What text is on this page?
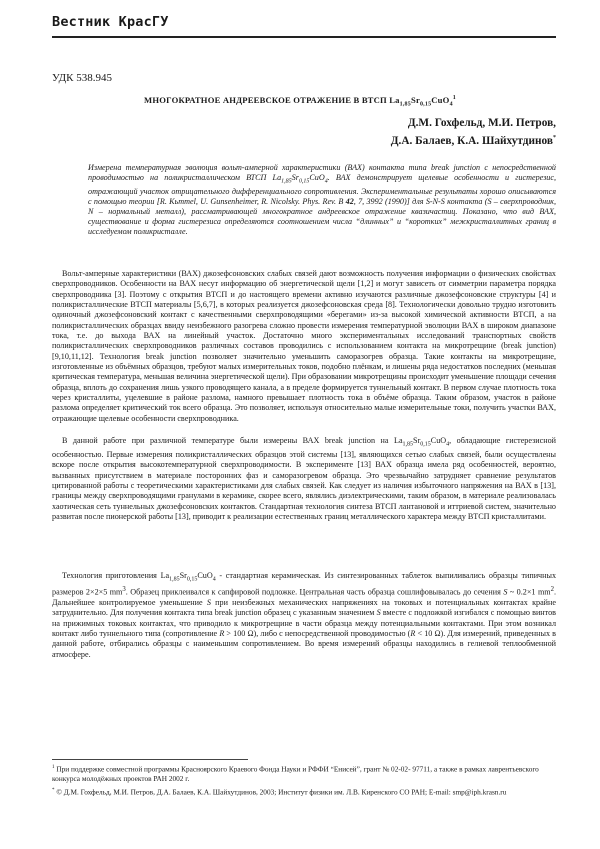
Вестник КрасГУ
УДК 538.945
МНОГОКРАТНОЕ АНДРЕЕВСКОЕ ОТРАЖЕНИЕ В ВТСП $La_{1,85}Sr_{0,15}CuO_4^1$
Д.М. Гохфельд, М.И. Петров,
Д.А. Балаев, К.А. Шайхутдинов*
Измерена температурная эволюция вольт-амперной характеристики (ВАХ) контакта типа break junction с непосредственной проводимостью на поликристаллическом ВТСП $La_{1,85}Sr_{0,15}CuO_4$. ВАХ демонстрирует щелевые особенности и гистерезис, отражающий участок отрицательного дифференциального сопротивления. Экспериментальные результаты хорошо описываются с помощью теории [R. Kьmmel, U. Gunsenheimer, R. Nicolsky. Phys. Rev. B 42, 7, 3992 (1990)] для S-N-S контакта (S – сверхпроводник, N – нормальный металл), рассматривающей многократное андреевское отражение квазичастиц. Показано, что вид ВАХ, существование и форма гистерезиса определяются соотношением числа “длинных” и “коротких” межкристаллитных границ в исследуемом поликристалле.
Вольт-амперные характеристики (ВАХ) джозефсоновских слабых связей дают возможность получения информации о физических свойствах сверхпроводников. Особенности на ВАХ несут информацию об энергетической щели [1,2] и могут зависеть от симметрии параметра порядка сверхпроводника [3]. Поэтому с открытия ВТСП и до настоящего времени активно изучаются различные джозефсоновские структуры [4] и поликристаллические ВТСП материалы [5,6,7], в которых реализуется джозефсоновская среда [8]. Технологически довольно трудно изготовить одиночный джозефсоновский контакт с качественными сверхпроводящими «берегами» из-за высокой химической активности ВТСП, а на поликристаллических образцах ввиду неизбежного разогрева сложно провести измерения температурной эволюции ВАХ в широком диапазоне тока, т.е. до выхода ВАХ на линейный участок. Достаточно много экспериментальных исследований транспортных свойств поликристаллических сверхпроводников различных составов проводились с использованием контакта на микротрещине (break junction) [9,10,11,12]. Технология break junction позволяет значительно уменьшить саморазогрев образца. Такие контакты на микротрещине, изготовленные из объёмных образцов, требуют малых измерительных токов, подобно плёнкам, и лишены ряда недостатков последних (меньшая критическая температура, меньшая величина энергетической щели). При образовании микротрещины происходит уменьшение площади сечения образца, вплоть до сохранения лишь узкого проводящего канала, а в пределе формируется туннельный контакт. В первом случае плотность тока через кристаллиты, уцелевшие в районе разлома, намного превышает плотность тока в объёме образца. Таким образом, участок в районе разлома определяет критический ток всего образца. Это позволяет, используя относительно малые измерительные токи, получить участки ВАХ, отражающие щелевые особенности сверхпроводника.
В данной работе при различной температуре были измерены ВАХ break junction на $La_{1,85}Sr_{0,15}CuO_4$, обладающие гистерезисной особенностью. Первые измерения поликристаллических образцов этой системы [13], являющихся сетью слабых связей, были осуществлены вскоре после открытия высокотемпературной сверхпроводимости. В эксперименте [13] ВАХ образца имела ряд особенностей, вероятно, вызванных присутствием в материале посторонних фаз и саморазогревом образца. Это чрезвычайно затрудняет сравнение результатов цитированной работы с теоретическими характеристиками для слабых связей. Как следует из наличия избыточного напряжения на ВАХ в [13], границы между сверхпроводящими гранулами в керамике, скорее всего, являлись диэлектрическими, таким образом, в материале реализовалась хаотическая сеть туннельных джозефсоновских контактов. Стандартная технология синтеза ВТСП лантановой и иттриевой систем, значительно развитая после пионерской работы [13], приводит к реализации естественных границ металлического характера между ВТСП кристаллитами.
Технология приготовления $La_{1,85}Sr_{0,15}CuO_4$ - стандартная керамическая. Из синтезированных таблеток выпиливались образцы типичных размеров 2×2×5 $mm^3$. Образец приклеивался к сапфировой подложке. Центральная часть образца сошлифовывалась до сечения S ~ 0.2×1 $mm^2$. Дальнейшее контролируемое уменьшение S при неизбежных механических напряжениях на токовых и потенциальных контактах крайне затруднительно. Для получения контакта типа break junction образец с указанным значением S вместе с подложкой изгибался с помощью винтов на прижимных токовых контактах, что приводило к микротрещине в части образца между потенциальными контактами. При этом возникал контакт либо туннельного типа (сопротивление R > 100 Ω), либо с непосредственной проводимостью (R < 10 Ω). Для измерений, приведенных в данной работе, отбирались образцы с наименьшим сопротивлением. Во время измерений образцы находились в гелиевой теплообменной атмосфере.
$^1$ При поддержке совместной программы Красноярского Краевого Фонда Науки и РФФИ “Енисей”, грант № 02-02- 97711, а также в рамках лаврентьевского конкурса молодёжных проектов РАН 2002 г.
* © Д.М. Гохфельд, М.И. Петров, Д.А. Балаев, К.А. Шайхутдинов, 2003; Институт физики им. Л.В. Киренского СО РАН; E-mail: smp@iph.krasn.ru
